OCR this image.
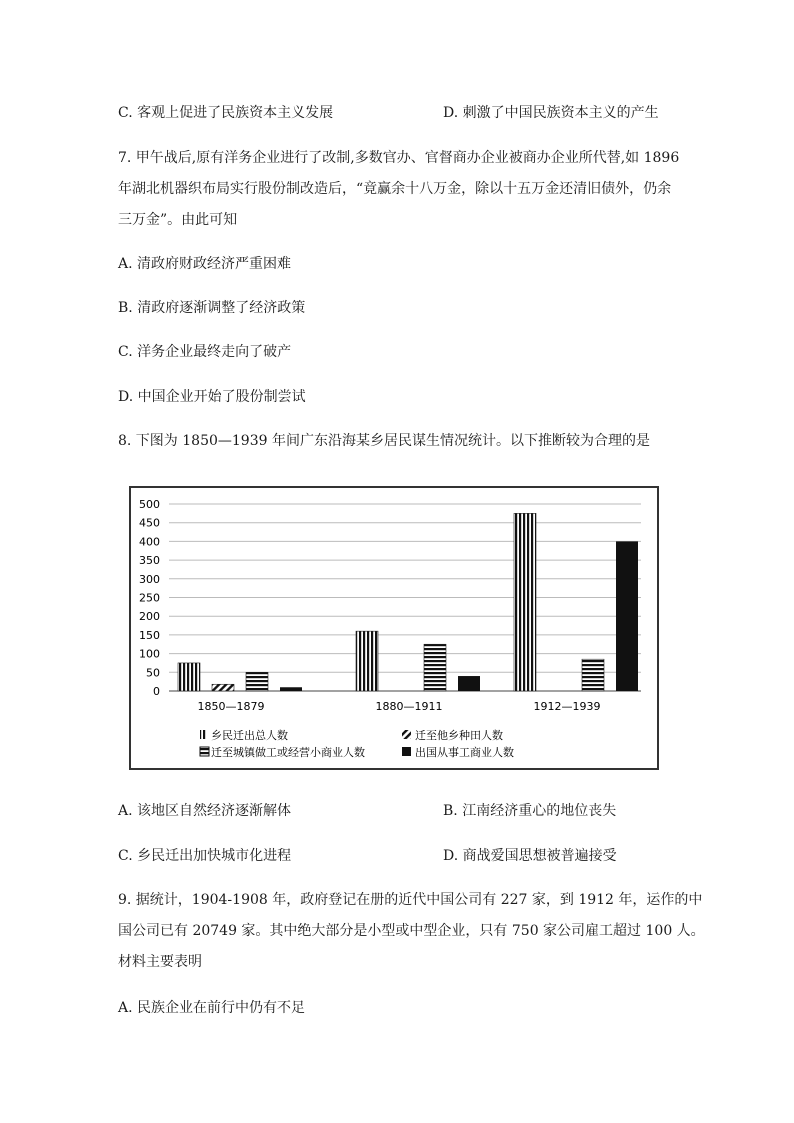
C. 客观上促进了民族资本主义发展	D. 刺激了中国民族资本主义的产生
7. 甲午战后,原有洋务企业进行了改制,多数官办、官督商办企业被商办企业所代替,如 1896
年湖北机器织布局实行股份制改造后，“竟赢余十八万金，除以十五万金还清旧债外，仍余
三万金”。由此可知
A. 清政府财政经济严重困难
B. 清政府逐渐调整了经济政策
C. 洋务企业最终走向了破产
D. 中国企业开始了股份制尝试
8. 下图为 1850—1939 年间广东沿海某乡居民谋生情况统计。以下推断较为合理的是
500
450
400
350
300
250
200
150
100
50
0
1850—1879	1880—1911	1912—1939
乡民迁出总人数	迁至他乡种田人数
迁至城镇做工或经营小商业人数	出国从事工商业人数
A. 该地区自然经济逐渐解体	B. 江南经济重心的地位丧失
C. 乡民迁出加快城市化进程	D. 商战爱国思想被普遍接受
9. 据统计，1904-1908 年，政府登记在册的近代中国公司有 227 家，到 1912 年，运作的中
国公司已有 20749 家。其中绝大部分是小型或中型企业，只有 750 家公司雇工超过 100 人。
材料主要表明
A. 民族企业在前行中仍有不足
